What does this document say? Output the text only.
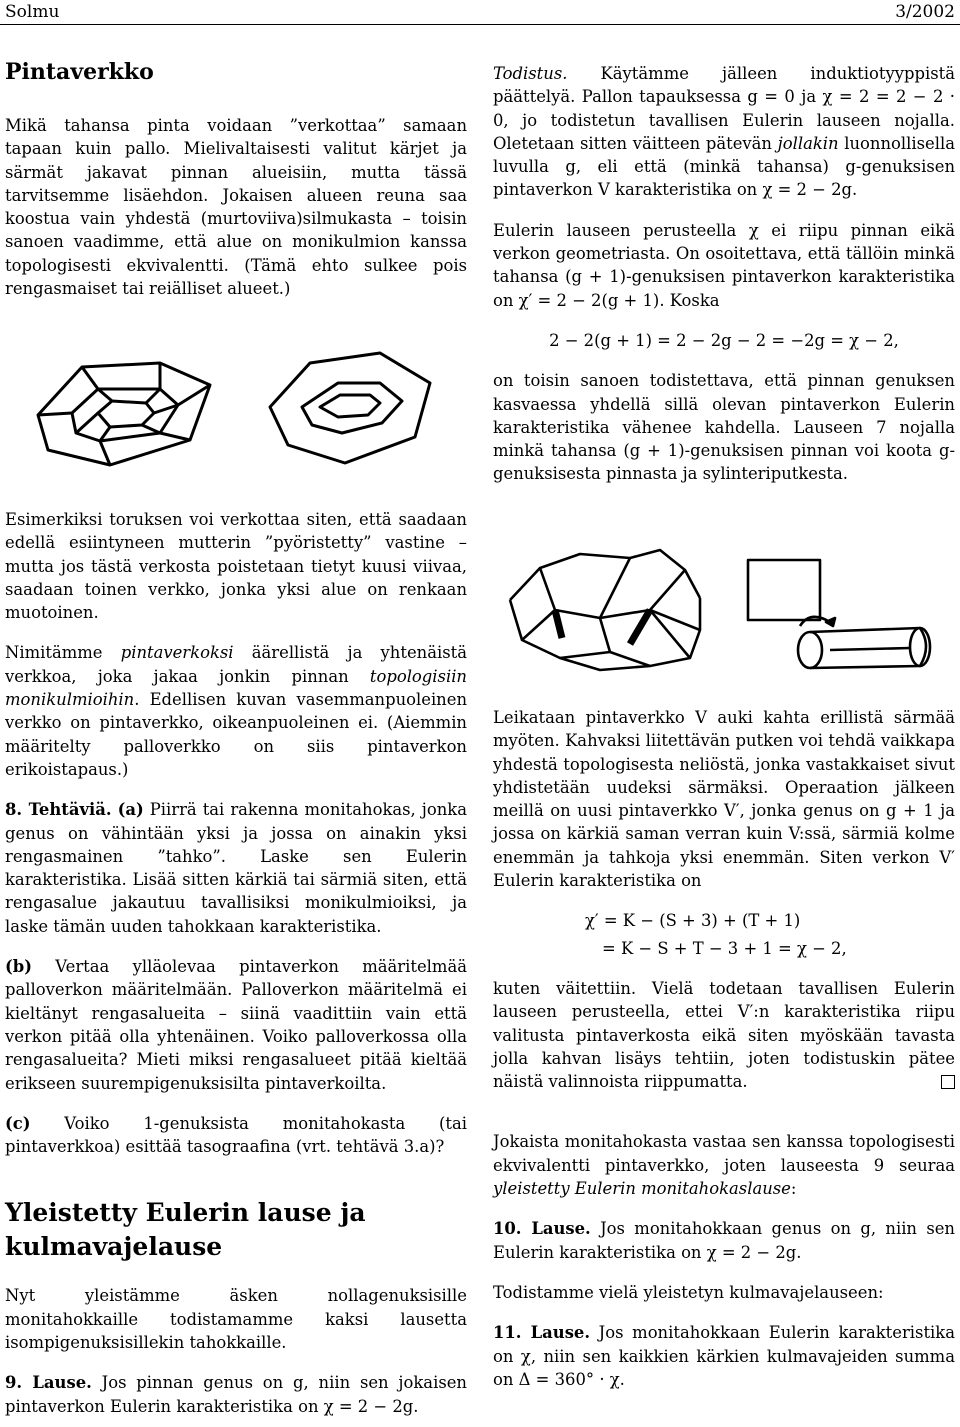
Solmu	3/2002
Pintaverkko

Mikä tahansa pinta voidaan ”verkottaa” samaan tapaan kuin pallo. Mielivaltaisesti valitut kärjet ja särmät jakavat pinnan alueisiin, mutta tässä tarvitsemme lisäehdon. Jokaisen alueen reuna saa koostua vain yhdestä (murtoviiva)silmukasta – toisin sanoen vaadimme, että alue on monikulmion kanssa topologisesti ekvivalentti. (Tämä ehto sulkee pois rengasmaiset tai reiälliset alueet.)

Esimerkiksi toruksen voi verkottaa siten, että saadaan edellä esiintyneen mutterin ”pyöristetty” vastine – mutta jos tästä verkosta poistetaan tietyt kuusi viivaa, saadaan toinen verkko, jonka yksi alue on renkaan muotoinen.

Nimitämme pintaverkoksi äärellistä ja yhtenäistä verkkoa, joka jakaa jonkin pinnan topologisiin monikulmioihin. Edellisen kuvan vasemmanpuoleinen verkko on pintaverkko, oikeanpuoleinen ei. (Aiemmin määritelty palloverkko on siis pintaverkon erikoistapaus.)

8. Tehtäviä. (a) Piirrä tai rakenna monitahokas, jonka genus on vähintään yksi ja jossa on ainakin yksi rengasmainen ”tahko”. Laske sen Eulerin karakteristika. Lisää sitten kärkiä tai särmiä siten, että rengasalue jakautuu tavallisiksi monikulmioiksi, ja laske tämän uuden tahokkaan karakteristika.

(b) Vertaa ylläolevaa pintaverkon määritelmää palloverkon määritelmään. Palloverkon määritelmä ei kieltänyt rengasalueita – siinä vaadittiin vain että verkon pitää olla yhtenäinen. Voiko palloverkossa olla rengasalueita? Mieti miksi rengasalueet pitää kieltää erikseen suurempigenuksisilta pintaverkoilta.

(c) Voiko 1-genuksista monitahokasta (tai pintaverkkoa) esittää tasograafina (vrt. tehtävä 3.a)?

Yleistetty Eulerin lause ja kulmavajelause

Nyt yleistämme äsken nollagenuksisille monitahokkaille todistamamme kaksi lausetta isompigenuksisillekin tahokkaille.

9. Lause. Jos pinnan genus on g, niin sen jokaisen pintaverkon Eulerin karakteristika on χ = 2 − 2g.

Todistus. Käytämme jälleen induktiotyyppistä päättelyä. Pallon tapauksessa g = 0 ja χ = 2 = 2 − 2 · 0, jo todistetun tavallisen Eulerin lauseen nojalla. Oletetaan sitten väitteen pätevän jollakin luonnollisella luvulla g, eli että (minkä tahansa) g-genuksisen pintaverkon V karakteristika on χ = 2 − 2g.

Eulerin lauseen perusteella χ ei riipu pinnan eikä verkon geometriasta. On osoitettava, että tällöin minkä tahansa (g + 1)-genuksisen pintaverkon karakteristika on χ′ = 2 − 2(g + 1). Koska

2 − 2(g + 1) = 2 − 2g − 2 = −2g = χ − 2,

on toisin sanoen todistettava, että pinnan genuksen kasvaessa yhdellä sillä olevan pintaverkon Eulerin karakteristika vähenee kahdella. Lauseen 7 nojalla minkä tahansa (g + 1)-genuksisen pinnan voi koota g-genuksisesta pinnasta ja sylinteriputkesta.

Leikataan pintaverkko V auki kahta erillistä särmää myöten. Kahvaksi liitettävän putken voi tehdä vaikkapa yhdestä topologisesta neliöstä, jonka vastakkaiset sivut yhdistetään uudeksi särmäksi. Operaation jälkeen meillä on uusi pintaverkko V′, jonka genus on g + 1 ja jossa on kärkiä saman verran kuin V:ssä, särmiä kolme enemmän ja tahkoja yksi enemmän. Siten verkon V′ Eulerin karakteristika on

χ′ = K − (S + 3) + (T + 1)
= K − S + T − 3 + 1 = χ − 2,

kuten väitettiin. Vielä todetaan tavallisen Eulerin lauseen perusteella, ettei V′:n karakteristika riipu valitusta pintaverkosta eikä siten myöskään tavasta jolla kahvan lisäys tehtiin, joten todistuskin pätee näistä valinnoista riippumatta.

Jokaista monitahokasta vastaa sen kanssa topologisesti ekvivalentti pintaverkko, joten lauseesta 9 seuraa yleistetty Eulerin monitahokaslause:

10. Lause. Jos monitahokkaan genus on g, niin sen Eulerin karakteristika on χ = 2 − 2g.

Todistamme vielä yleistetyn kulmavajelauseen:

11. Lause. Jos monitahokkaan Eulerin karakteristika on χ, niin sen kaikkien kärkien kulmavajeiden summa on Δ = 360° · χ.
